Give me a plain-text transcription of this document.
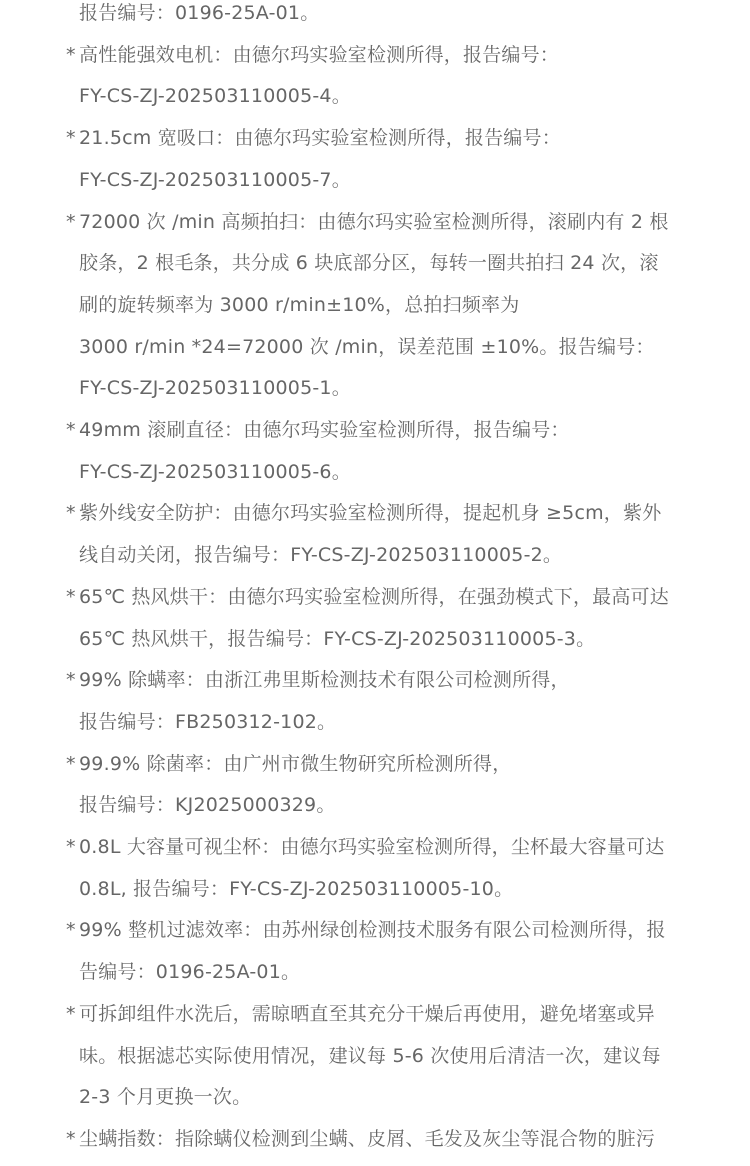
报告编号：0196-25A-01。
* 高性能强效电机：由德尔玛实验室检测所得，报告编号：
FY-CS-ZJ-202503110005-4。
* 21.5cm 宽吸口：由德尔玛实验室检测所得，报告编号：
FY-CS-ZJ-202503110005-7。
* 72000 次 /min 高频拍扫：由德尔玛实验室检测所得，滚刷内有 2 根
胶条，2 根毛条，共分成 6 块底部分区，每转一圈共拍扫 24 次，滚
刷的旋转频率为 3000 r/min±10%，总拍扫频率为
3000 r/min *24=72000 次 /min，误差范围 ±10%。报告编号：
FY-CS-ZJ-202503110005-1。
* 49mm 滚刷直径：由德尔玛实验室检测所得，报告编号：
FY-CS-ZJ-202503110005-6。
* 紫外线安全防护：由德尔玛实验室检测所得，提起机身 ≥5cm，紫外
线自动关闭，报告编号：FY-CS-ZJ-202503110005-2。
* 65℃ 热风烘干：由德尔玛实验室检测所得，在强劲模式下，最高可达
65℃ 热风烘干，报告编号：FY-CS-ZJ-202503110005-3。
* 99% 除螨率：由浙江弗里斯检测技术有限公司检测所得，
报告编号：FB250312-102。
* 99.9% 除菌率：由广州市微生物研究所检测所得，
报告编号：KJ2025000329。
* 0.8L 大容量可视尘杯：由德尔玛实验室检测所得，尘杯最大容量可达
0.8L, 报告编号：FY-CS-ZJ-202503110005-10。
* 99% 整机过滤效率：由苏州绿创检测技术服务有限公司检测所得，报
告编号：0196-25A-01。
* 可拆卸组件水洗后，需晾晒直至其充分干燥后再使用，避免堵塞或异
味。根据滤芯实际使用情况，建议每 5-6 次使用后清洁一次，建议每
2-3 个月更换一次。
* 尘螨指数：指除螨仪检测到尘螨、皮屑、毛发及灰尘等混合物的脏污
